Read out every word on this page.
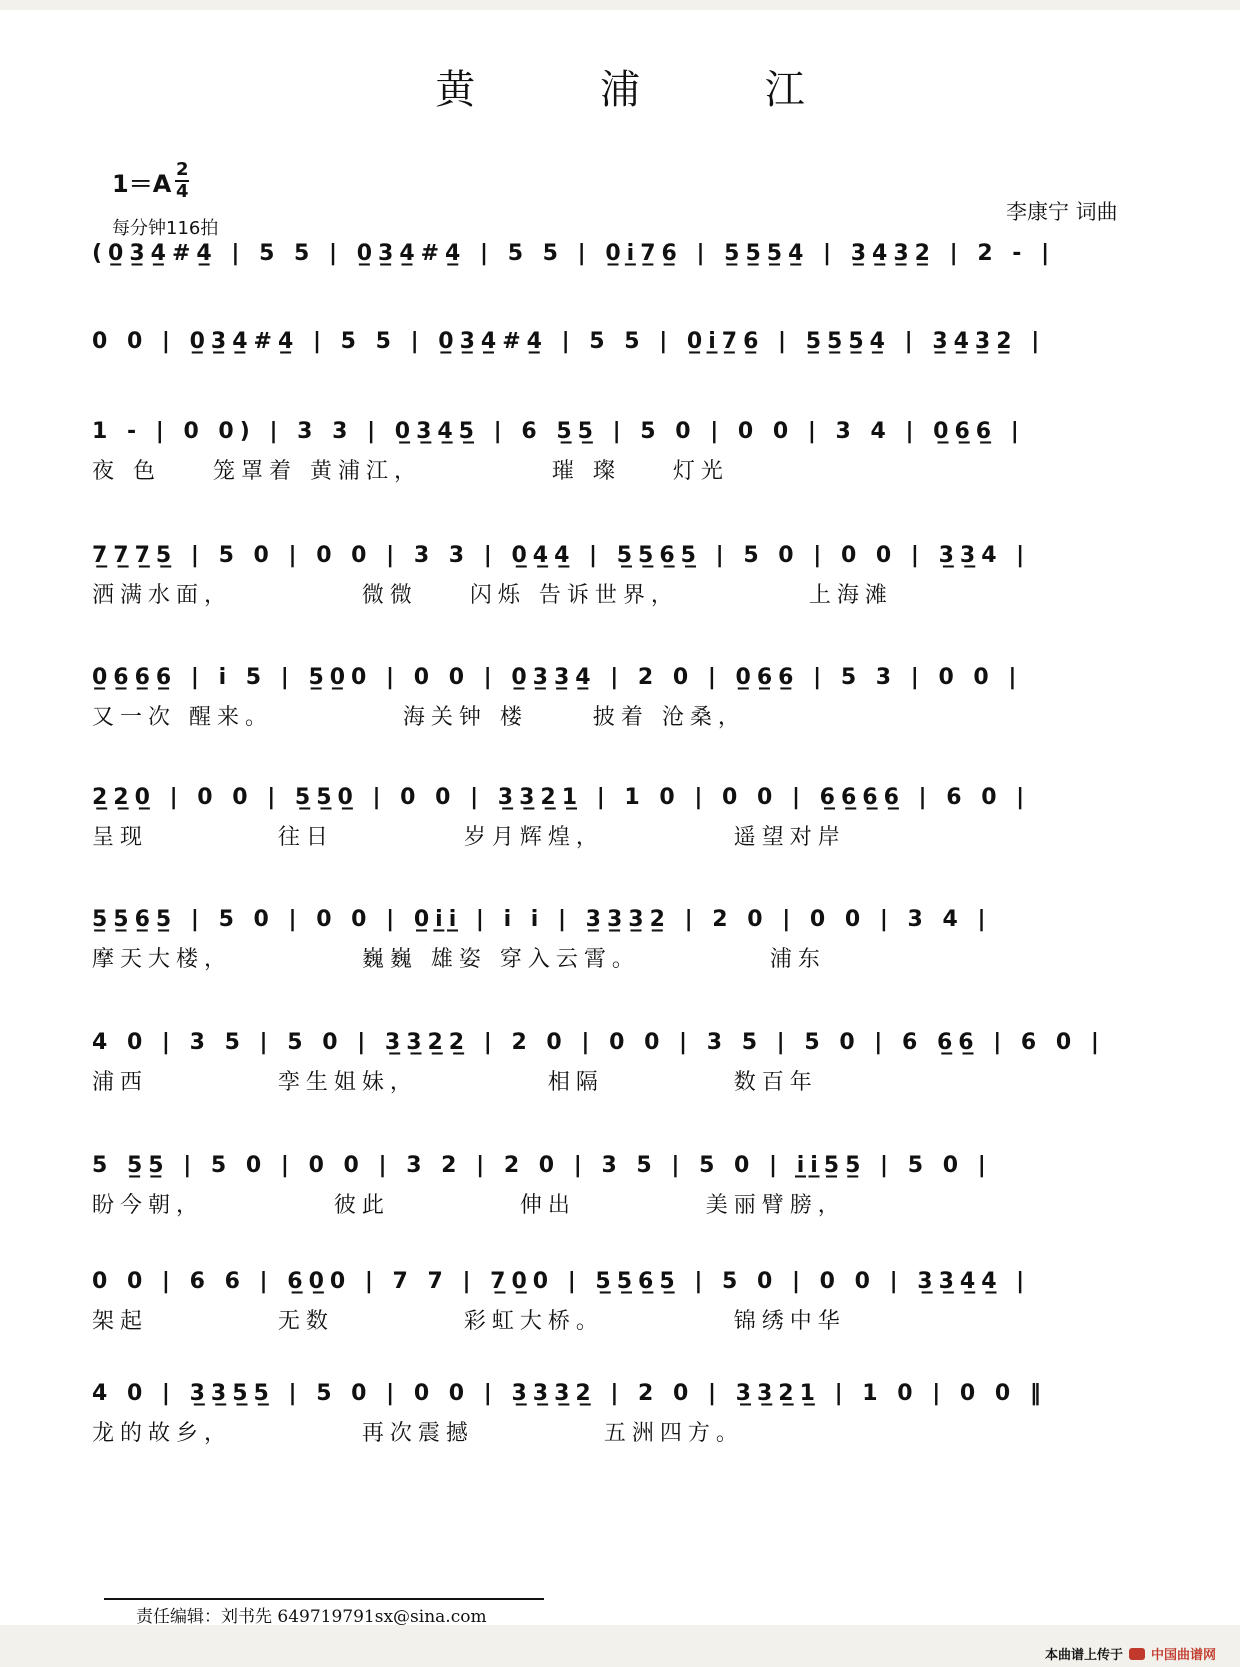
黄 浦 江
1＝A 2
4
每分钟116拍
李康宁 词曲
(0̲3̲4̲#4̲ | 5 5 | 0̲3̲4̲#4̲ | 5 5 | 0̲i̲7̲6̲ | 5̲5̲5̲4̲ | 3̲4̲3̲2̲ | 2 - |
0 0 | 0̲3̲4̲#4̲ | 5 5 | 0̲3̲4̲#4̲ | 5 5 | 0̲i̲7̲6̲ | 5̲5̲5̲4̲ | 3̲4̲3̲2̲ |
1 - | 0 0) | 3 3 | 0̲3̲4̲5̲ | 6 5̲5̲ | 5 0 | 0 0 | 3 4 | 0̲6̲6̲ |
夜 色    笼罩着 黄浦江，          璀 璨    灯光
7̲7̲7̲5̲ | 5 0 | 0 0 | 3 3 | 0̲4̲4̲ | 5̲5̲6̲5̲ | 5 0 | 0 0 | 3̲3̲4 |
洒满水面，          微微    闪烁 告诉世界，          上海滩
0̲6̲6̲6̲ | i 5 | 5̲0̲0 | 0 0 | 0̲3̲3̲4̲ | 2 0 | 0̲6̲6̲ | 5 3 | 0 0 |
又一次 醒来。          海关钟 楼     披着 沧桑，
2̲2̲0̲ | 0 0 | 5̲5̲0̲ | 0 0 | 3̲3̲2̲1̲ | 1 0 | 0 0 | 6̲6̲6̲6̲ | 6 0 |
呈现          往日          岁月辉煌，          遥望对岸
5̲5̲6̲5̲ | 5 0 | 0 0 | 0̲i̲i̲ | i i | 3̲3̲3̲2̲ | 2 0 | 0 0 | 3 4 |
摩天大楼，          巍巍 雄姿 穿入云霄。          浦东
4 0 | 3 5 | 5 0 | 3̲3̲2̲2̲ | 2 0 | 0 0 | 3 5 | 5 0 | 6 6̲6̲ | 6 0 |
浦西          孪生姐妹，          相隔          数百年
5 5̲5̲ | 5 0 | 0 0 | 3 2 | 2 0 | 3 5 | 5 0 | i̲i̲5̲5̲ | 5 0 |
盼今朝，          彼此          伸出          美丽臂膀，
0 0 | 6 6 | 6̲0̲0 | 7 7 | 7̲0̲0 | 5̲5̲6̲5̲ | 5 0 | 0 0 | 3̲3̲4̲4̲ |
架起          无数          彩虹大桥。          锦绣中华
4 0 | 3̲3̲5̲5̲ | 5 0 | 0 0 | 3̲3̲3̲2̲ | 2 0 | 3̲3̲2̲1̲ | 1 0 | 0 0 ‖
龙的故乡，          再次震撼          五洲四方。
责任编辑：刘书先 649719791sx@sina.com
本曲谱上传于 中国曲谱网
